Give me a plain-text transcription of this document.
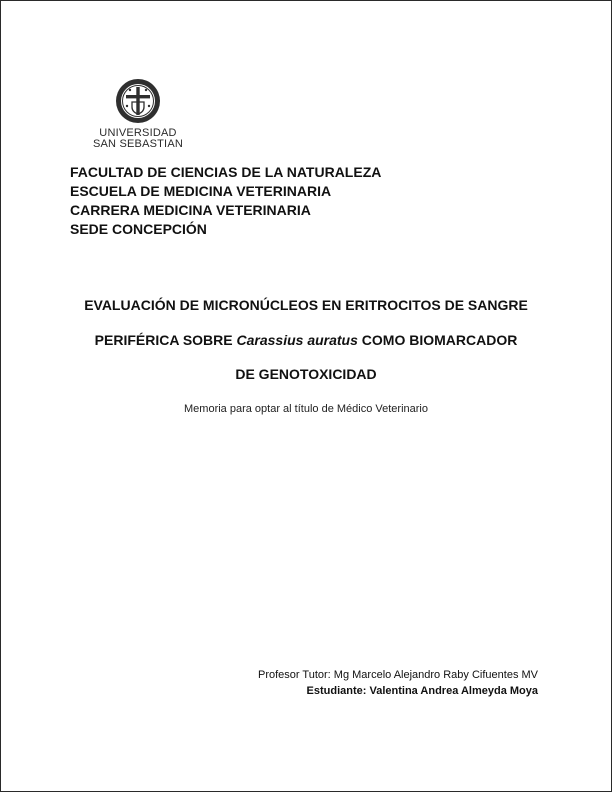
UNIVERSIDAD
SAN SEBASTIAN
FACULTAD DE CIENCIAS DE LA NATURALEZA
ESCUELA DE MEDICINA VETERINARIA
CARRERA MEDICINA VETERINARIA
SEDE CONCEPCIÓN
EVALUACIÓN DE MICRONÚCLEOS EN ERITROCITOS DE SANGRE
PERIFÉRICA SOBRE Carassius auratus COMO BIOMARCADOR
DE GENOTOXICIDAD
Memoria para optar al título de Médico Veterinario
Profesor Tutor: Mg Marcelo Alejandro Raby Cifuentes MV
Estudiante: Valentina Andrea Almeyda Moya
